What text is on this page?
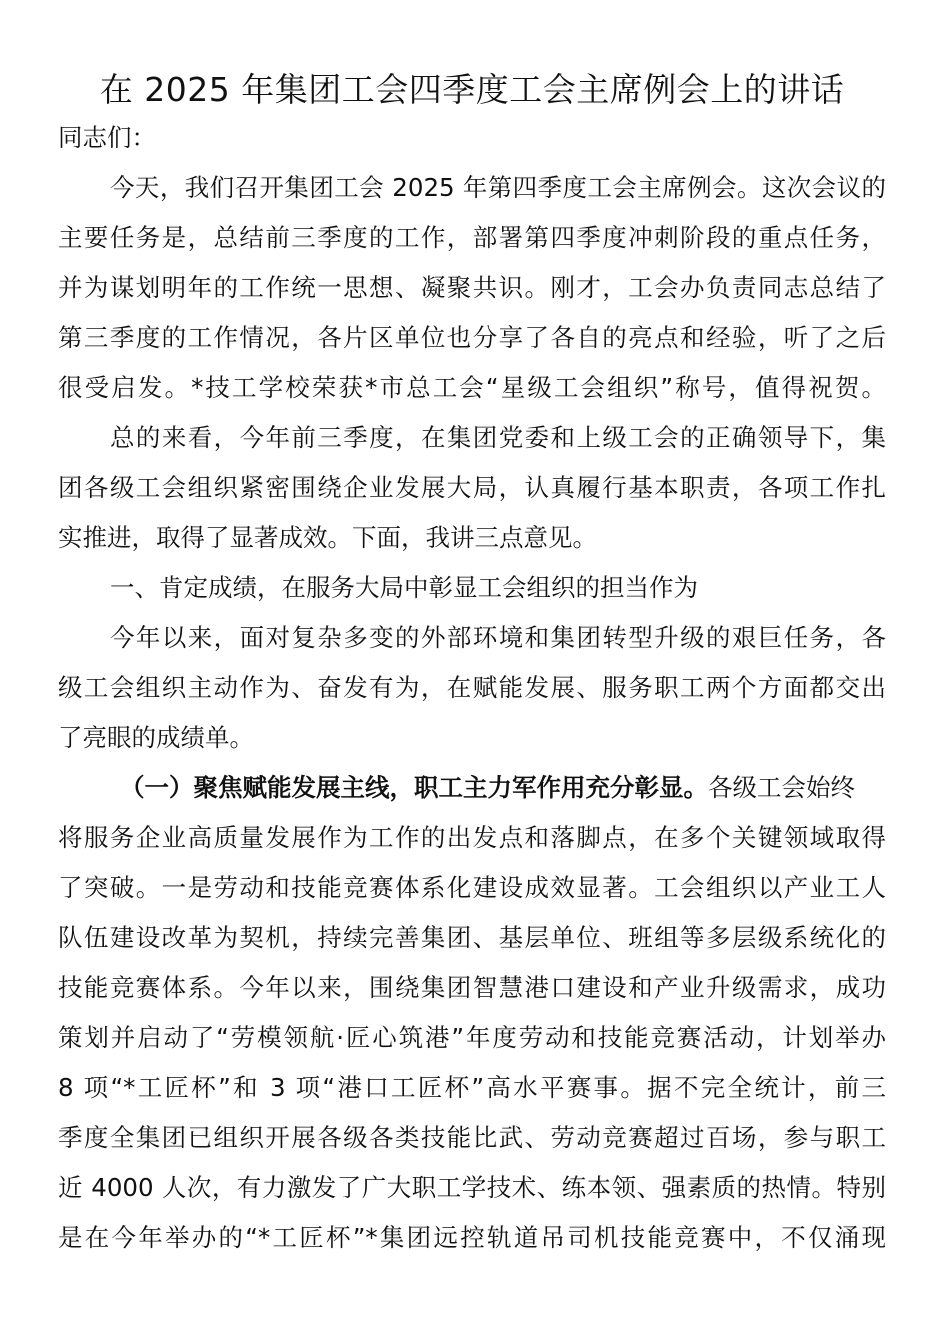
在 2025 年集团工会四季度工会主席例会上的讲话
同志们：
今天，我们召开集团工会 2025 年第四季度工会主席例会。这次会议的
主要任务是，总结前三季度的工作，部署第四季度冲刺阶段的重点任务，
并为谋划明年的工作统一思想、凝聚共识。刚才，工会办负责同志总结了
第三季度的工作情况，各片区单位也分享了各自的亮点和经验，听了之后
很受启发。*技工学校荣获*市总工会“星级工会组织”称号，值得祝贺。
总的来看，今年前三季度，在集团党委和上级工会的正确领导下，集
团各级工会组织紧密围绕企业发展大局，认真履行基本职责，各项工作扎
实推进，取得了显著成效。下面，我讲三点意见。
一、肯定成绩，在服务大局中彰显工会组织的担当作为
今年以来，面对复杂多变的外部环境和集团转型升级的艰巨任务，各
级工会组织主动作为、奋发有为，在赋能发展、服务职工两个方面都交出
了亮眼的成绩单。
（一）聚焦赋能发展主线，职工主力军作用充分彰显。各级工会始终
将服务企业高质量发展作为工作的出发点和落脚点，在多个关键领域取得
了突破。一是劳动和技能竞赛体系化建设成效显著。工会组织以产业工人
队伍建设改革为契机，持续完善集团、基层单位、班组等多层级系统化的
技能竞赛体系。今年以来，围绕集团智慧港口建设和产业升级需求，成功
策划并启动了“劳模领航·匠心筑港”年度劳动和技能竞赛活动，计划举办
8 项“*工匠杯”和 3 项“港口工匠杯”高水平赛事。据不完全统计，前三
季度全集团已组织开展各级各类技能比武、劳动竞赛超过百场，参与职工
近 4000 人次，有力激发了广大职工学技术、练本领、强素质的热情。特别
是在今年举办的“*工匠杯”*集团远控轨道吊司机技能竞赛中，不仅涌现
